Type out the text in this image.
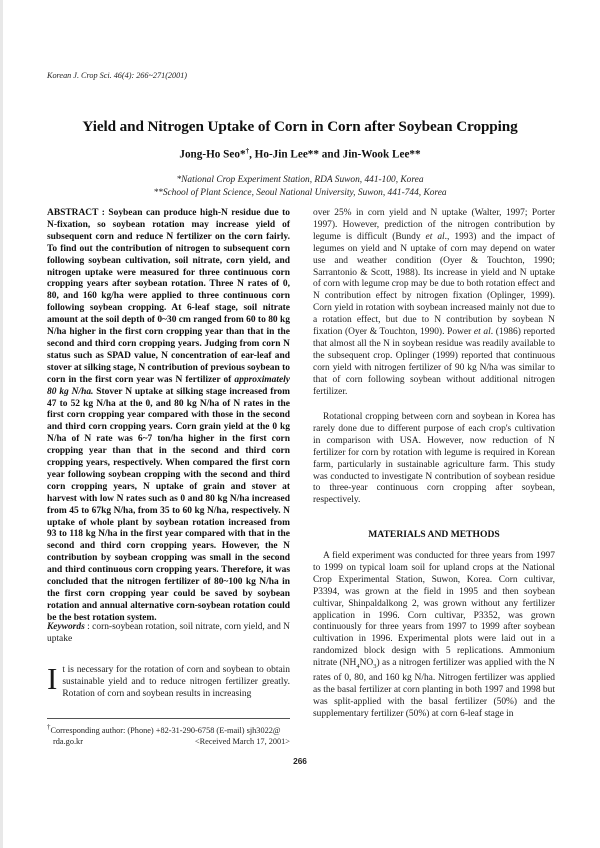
Korean J. Crop Sci. 46(4): 266~271(2001)
Yield and Nitrogen Uptake of Corn in Corn after Soybean Cropping
Jong-Ho Seo*†, Ho-Jin Lee** and Jin-Wook Lee**
*National Crop Experiment Station, RDA Suwon, 441-100, Korea
**School of Plant Science, Seoul National University, Suwon, 441-744, Korea
ABSTRACT : Soybean can produce high-N residue due to N-fixation, so soybean rotation may increase yield of subsequent corn and reduce N fertilizer on the corn fairly. To find out the contribution of nitrogen to subsequent corn following soybean cultivation, soil nitrate, corn yield, and nitrogen uptake were measured for three continuous corn cropping years after soybean rotation. Three N rates of 0, 80, and 160 kg/ha were applied to three continuous corn following soybean cropping. At 6-leaf stage, soil nitrate amount at the soil depth of 0~30 cm ranged from 60 to 80 kg N/ha higher in the first corn cropping year than that in the second and third corn cropping years. Judging from corn N status such as SPAD value, N concentration of ear-leaf and stover at silking stage, N contribution of previous soybean to corn in the first corn year was N fertilizer of approximately 80 kg N/ha. Stover N uptake at silking stage increased from 47 to 52 kg N/ha at the 0, and 80 kg N/ha of N rates in the first corn cropping year compared with those in the second and third corn cropping years. Corn grain yield at the 0 kg N/ha of N rate was 6~7 ton/ha higher in the first corn cropping year than that in the second and third corn cropping years, respectively. When compared the first corn year following soybean cropping with the second and third corn cropping years, N uptake of grain and stover at harvest with low N rates such as 0 and 80 kg N/ha increased from 45 to 67kg N/ha, from 35 to 60 kg N/ha, respectively. N uptake of whole plant by soybean rotation increased from 93 to 118 kg N/ha in the first year compared with that in the second and third corn cropping years. However, the N contribution by soybean cropping was small in the second and third continuous corn cropping years. Therefore, it was concluded that the nitrogen fertilizer of 80~100 kg N/ha in the first corn cropping year could be saved by soybean rotation and annual alternative corn-soybean rotation could be the best rotation system.
Keywords : corn-soybean rotation, soil nitrate, corn yield, and N uptake
It is necessary for the rotation of corn and soybean to obtain sustainable yield and to reduce nitrogen fertilizer greatly. Rotation of corn and soybean results in increasing
†Corresponding author: (Phone) +82-31-290-6758 (E-mail) sjh3022@
rda.go.kr	<Received March 17, 2001>
over 25% in corn yield and N uptake (Walter, 1997; Porter 1997). However, prediction of the nitrogen contribution by legume is difficult (Bundy et al., 1993) and the impact of legumes on yield and N uptake of corn may depend on water use and weather condition (Oyer & Touchton, 1990; Sarrantonio & Scott, 1988). Its increase in yield and N uptake of corn with legume crop may be due to both rotation effect and N contribution effect by nitrogen fixation (Oplinger, 1999). Corn yield in rotation with soybean increased mainly not due to a rotation effect, but due to N contribution by soybean N fixation (Oyer & Touchton, 1990). Power et al. (1986) reported that almost all the N in soybean residue was readily available to the subsequent crop. Oplinger (1999) reported that continuous corn yield with nitrogen fertilizer of 90 kg N/ha was similar to that of corn following soybean without additional nitrogen fertilizer.
Rotational cropping between corn and soybean in Korea has rarely done due to different purpose of each crop's cultivation in comparison with USA. However, now reduction of N fertilizer for corn by rotation with legume is required in Korean farm, particularly in sustainable agriculture farm. This study was conducted to investigate N contribution of soybean residue to three-year continuous corn cropping after soybean, respectively.
MATERIALS AND METHODS
A field experiment was conducted for three years from 1997 to 1999 on typical loam soil for upland crops at the National Crop Experimental Station, Suwon, Korea. Corn cultivar, P3394, was grown at the field in 1995 and then soybean cultivar, Shinpaldalkong 2, was grown without any fertilizer application in 1996. Corn cultivar, P3352, was grown continuously for three years from 1997 to 1999 after soybean cultivation in 1996. Experimental plots were laid out in a randomized block design with 5 replications. Ammonium nitrate $(NH_4NO_3)$ as a nitrogen fertilizer was applied with the N rates of 0, 80, and 160 kg N/ha. Nitrogen fertilizer was applied as the basal fertilizer at corn planting in both 1997 and 1998 but was split-applied with the basal fertilizer (50%) and the supplementary fertilizer (50%) at corn 6-leaf stage in
266
